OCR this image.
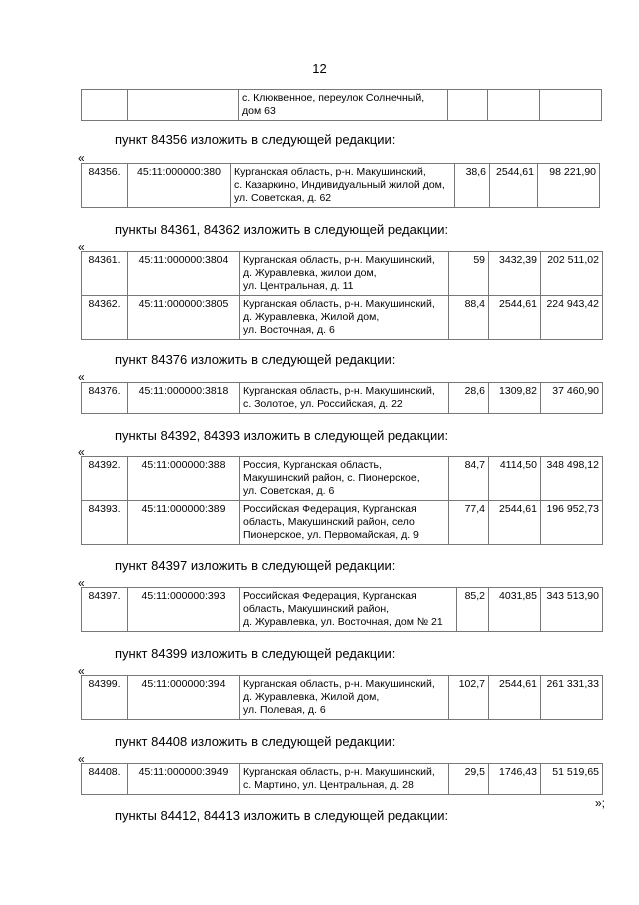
12

с. Клюквенное, переулок Солнечный,
дом 63

пункт 84356 изложить в следующей редакции:
«
84356.	45:11:000000:380	Курганская область, р-н. Макушинский,
с. Казаркино, Индивидуальный жилой дом,
ул. Советская, д. 62
	38,6	2544,61	98 221,90
пункты 84361, 84362 изложить в следующей редакции:
«
84361.	45:11:000000:3804	Курганская область, р-н. Макушинский,
д. Журавлевка, жилои дом,
ул. Центральная, д. 11	59	3432,39	202 511,02
84362.	45:11:000000:3805	Курганская область, р-н. Макушинский,
д. Журавлевка, Жилой дом,
ул. Восточная, д. 6	88,4	2544,61	224 943,42
пункт 84376 изложить в следующей редакции:
«
84376.	45:11:000000:3818	Курганская область, р-н. Макушинский,
с. Золотое, ул. Российская, д. 22
	28,6	1309,82	37 460,90
пункты 84392, 84393 изложить в следующей редакции:
«
84392.	45:11:000000:388	Россия, Курганская область,
Макушинский район, с. Пионерское,
ул. Советская, д. 6	84,7	4114,50	348 498,12
84393.	45:11:000000:389	Российская Федерация, Курганская
область, Макушинский район, село
Пионерское, ул. Первомайская, д. 9	77,4	2544,61	196 952,73
пункт 84397 изложить в следующей редакции:
«
84397.	45:11:000000:393	Российская Федерация, Курганская
область, Макушинский район,
д. Журавлевка, ул. Восточная, дом № 21
	85,2	4031,85	343 513,90
пункт 84399 изложить в следующей редакции:
«
84399.	45:11:000000:394	Курганская область, р-н. Макушинский,
д. Журавлевка, Жилой дом,
ул. Полевая, д. 6
	102,7	2544,61	261 331,33
пункт 84408 изложить в следующей редакции:
«
84408.	45:11:000000:3949	Курганская область, р-н. Макушинский,
с. Мартино, ул. Центральная, д. 28
	29,5	1746,43	51 519,65
»;
пункты 84412, 84413 изложить в следующей редакции:
